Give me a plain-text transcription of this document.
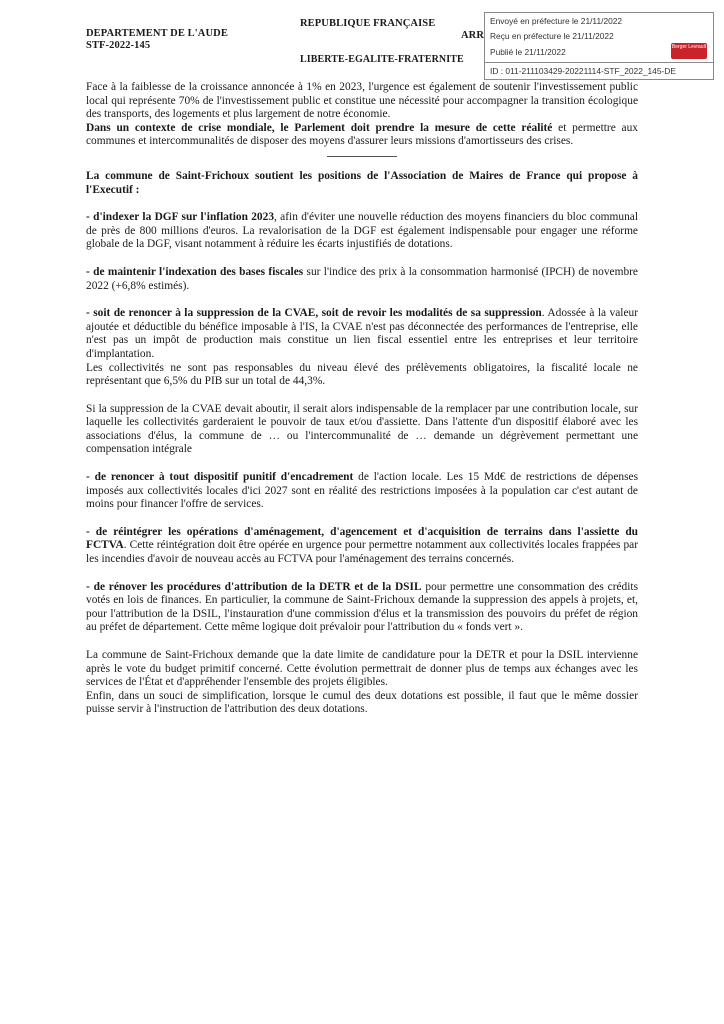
DEPARTEMENT DE L'AUDE
STF-2022-145
REPUBLIQUE FRANÇAISE
LIBERTE-EGALITE-FRATERNITE
ARR
Envoyé en préfecture le 21/11/2022
Reçu en préfecture le 21/11/2022
Publié le 21/11/2022
ID : 011-211103429-20221114-STF_2022_145-DE
Berger Levrault

Face à la faiblesse de la croissance annoncée à 1% en 2023, l'urgence est également de soutenir l'investissement public local qui représente 70% de l'investissement public et constitue une nécessité pour accompagner la transition écologique des transports, des logements et plus largement de notre économie.

Dans un contexte de crise mondiale, le Parlement doit prendre la mesure de cette réalité et permettre aux communes et intercommunalités de disposer des moyens d'assurer leurs missions d'amortisseurs des crises.

La commune de Saint-Frichoux soutient les positions de l'Association de Maires de France qui propose à l'Executif :

- d'indexer la DGF sur l'inflation 2023, afin d'éviter une nouvelle réduction des moyens financiers du bloc communal de près de 800 millions d'euros. La revalorisation de la DGF est également indispensable pour engager une réforme globale de la DGF, visant notamment à réduire les écarts injustifiés de dotations.

- de maintenir l'indexation des bases fiscales sur l'indice des prix à la consommation harmonisé (IPCH) de novembre 2022 (+6,8% estimés).

- soit de renoncer à la suppression de la CVAE, soit de revoir les modalités de sa suppression. Adossée à la valeur ajoutée et déductible du bénéfice imposable à l'IS, la CVAE n'est pas déconnectée des performances de l'entreprise, elle n'est pas un impôt de production mais constitue un lien fiscal essentiel entre les entreprises et leur territoire d'implantation.

Les collectivités ne sont pas responsables du niveau élevé des prélèvements obligatoires, la fiscalité locale ne représentant que 6,5% du PIB sur un total de 44,3%.

Si la suppression de la CVAE devait aboutir, il serait alors indispensable de la remplacer par une contribution locale, sur laquelle les collectivités garderaient le pouvoir de taux et/ou d'assiette. Dans l'attente d'un dispositif élaboré avec les associations d'élus, la commune de … ou l'intercommunalité de … demande un dégrèvement permettant une compensation intégrale

- de renoncer à tout dispositif punitif d'encadrement de l'action locale. Les 15 Md€ de restrictions de dépenses imposés aux collectivités locales d'ici 2027 sont en réalité des restrictions imposées à la population car c'est autant de moins pour financer l'offre de services.

- de réintégrer les opérations d'aménagement, d'agencement et d'acquisition de terrains dans l'assiette du FCTVA. Cette réintégration doit être opérée en urgence pour permettre notamment aux collectivités locales frappées par les incendies d'avoir de nouveau accès au FCTVA pour l'aménagement des terrains concernés.

- de rénover les procédures d'attribution de la DETR et de la DSIL pour permettre une consommation des crédits votés en lois de finances. En particulier, la commune de Saint-Frichoux demande la suppression des appels à projets, et, pour l'attribution de la DSIL, l'instauration d'une commission d'élus et la transmission des pouvoirs du préfet de région au préfet de département. Cette même logique doit prévaloir pour l'attribution du « fonds vert ».

La commune de Saint-Frichoux demande que la date limite de candidature pour la DETR et pour la DSIL intervienne après le vote du budget primitif concerné. Cette évolution permettrait de donner plus de temps aux échanges avec les services de l'État et d'appréhender l'ensemble des projets éligibles.

Enfin, dans un souci de simplification, lorsque le cumul des deux dotations est possible, il faut que le même dossier puisse servir à l'instruction de l'attribution des deux dotations.
